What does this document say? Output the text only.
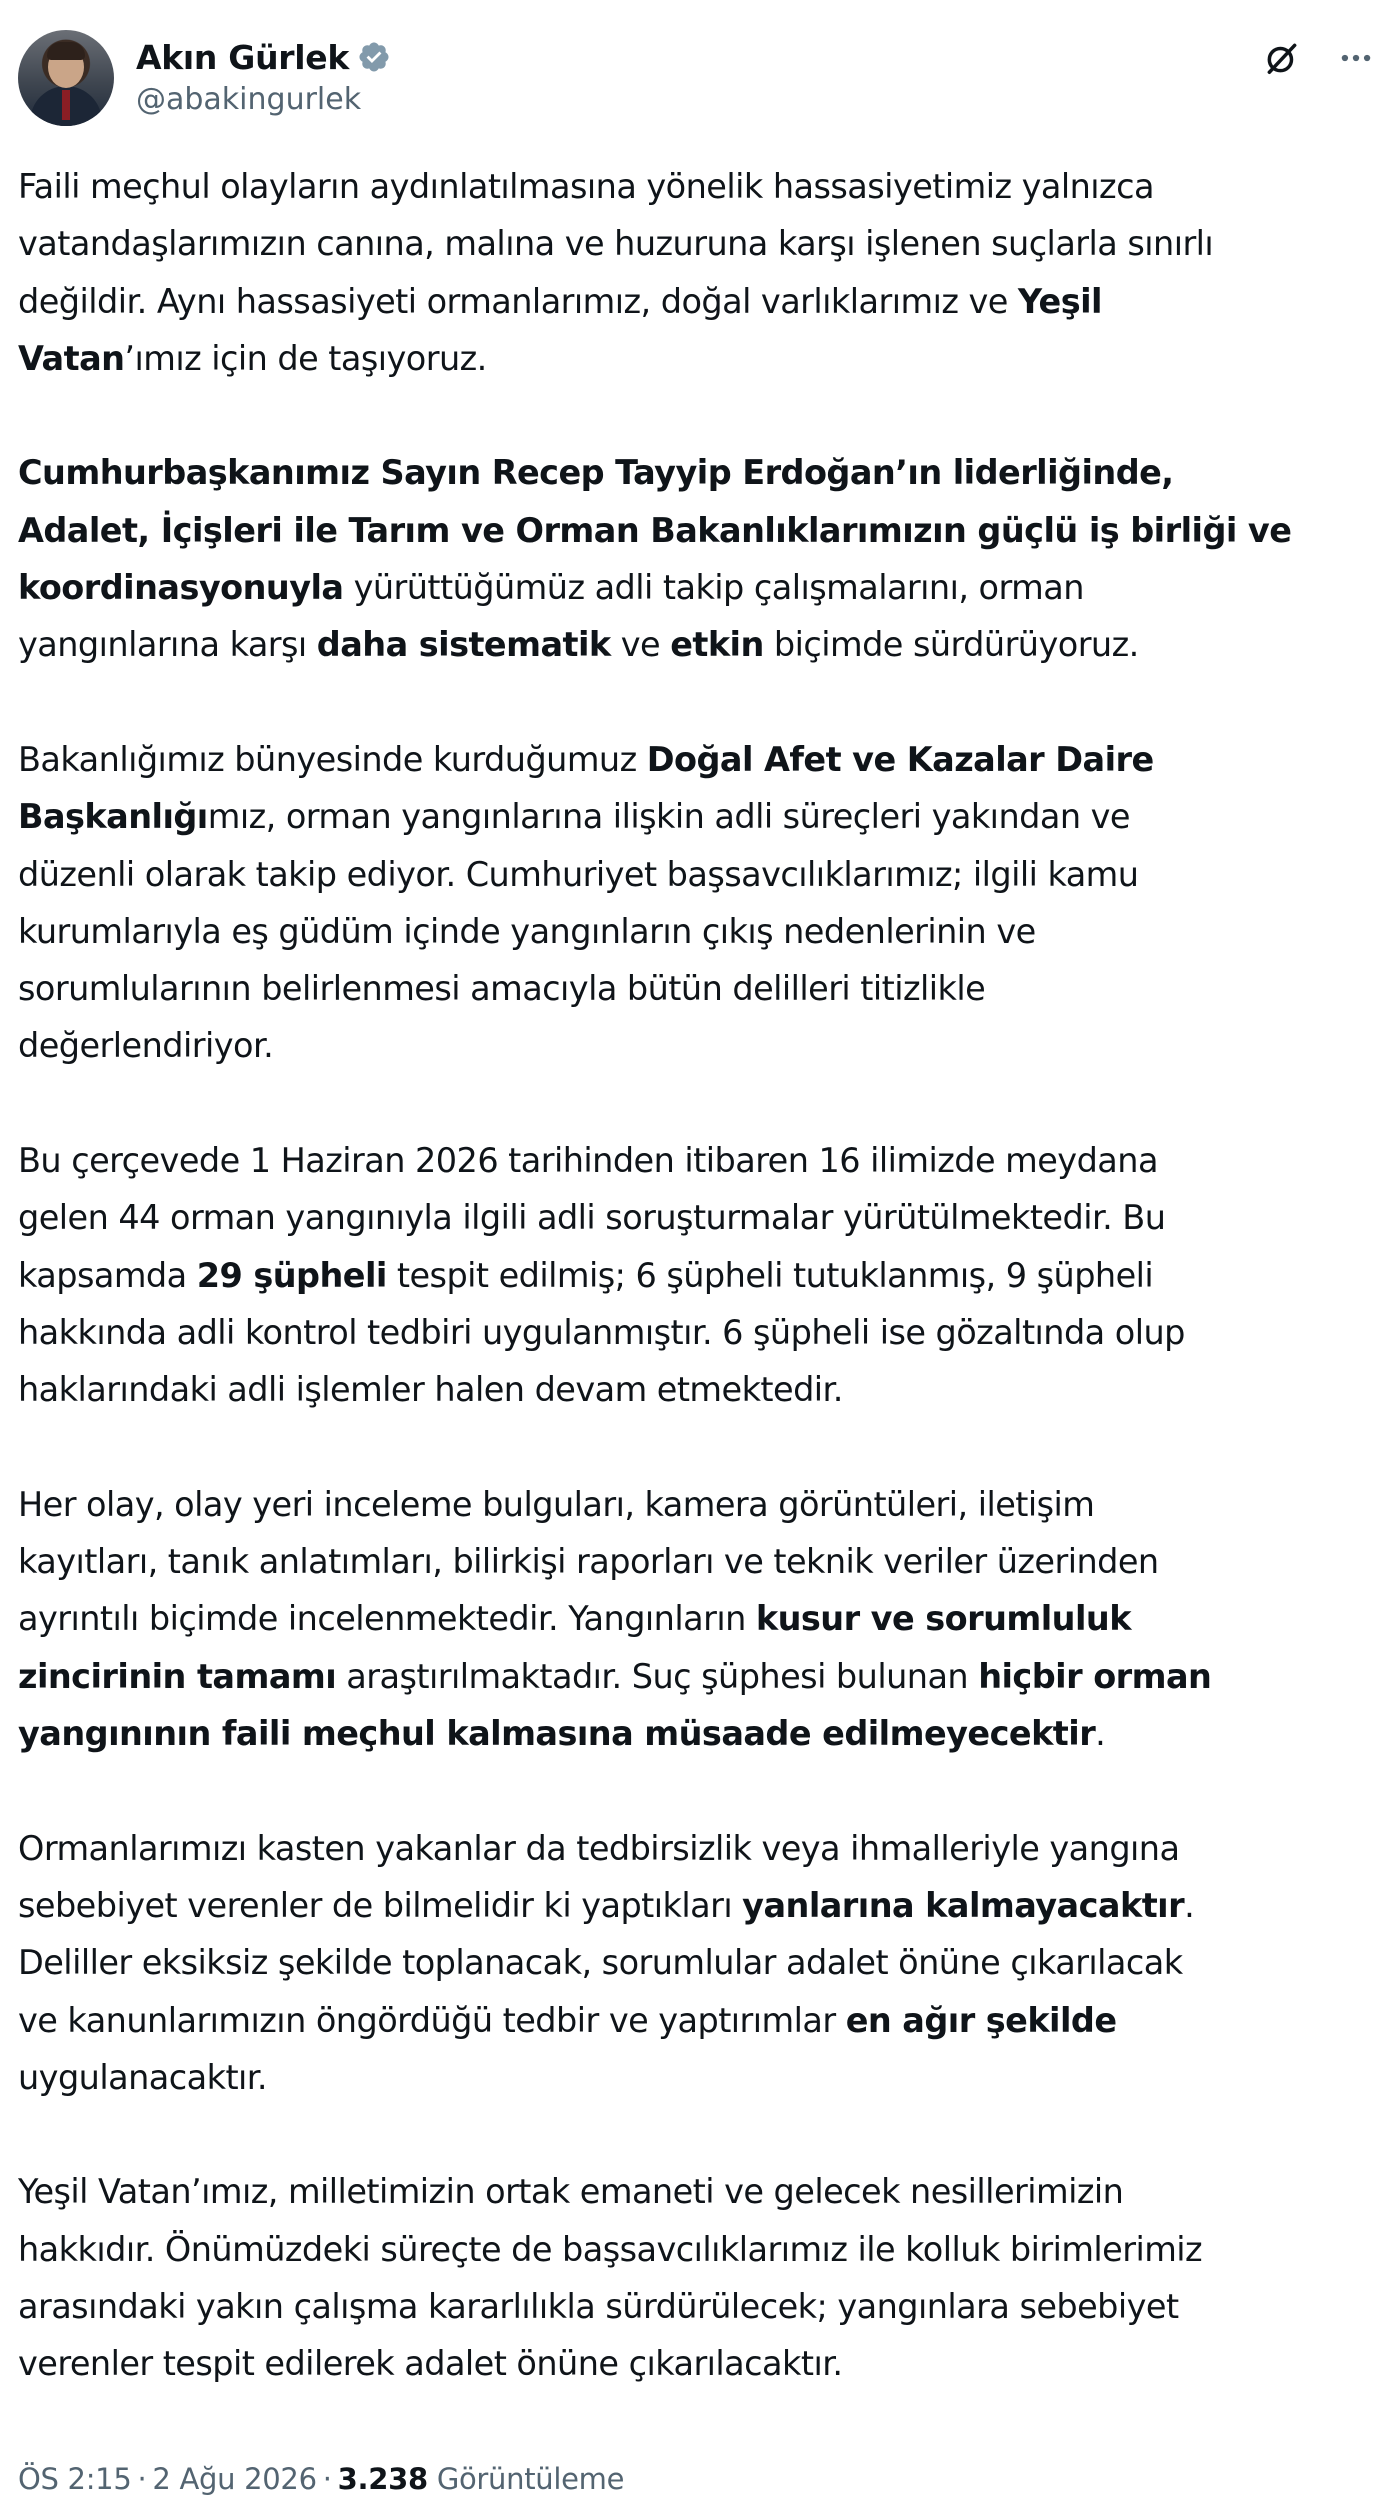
Akın Gürlek
@abakingurlek
Faili meçhul olayların aydınlatılmasına yönelik hassasiyetimiz yalnızca
vatandaşlarımızın canına, malına ve huzuruna karşı işlenen suçlarla sınırlı
değildir. Aynı hassasiyeti ormanlarımız, doğal varlıklarımız ve Yeşil
Vatan’ımız için de taşıyoruz.
Cumhurbaşkanımız Sayın Recep Tayyip Erdoğan’ın liderliğinde,
Adalet, İçişleri ile Tarım ve Orman Bakanlıklarımızın güçlü iş birliği ve
koordinasyonuyla yürüttüğümüz adli takip çalışmalarını, orman
yangınlarına karşı daha sistematik ve etkin biçimde sürdürüyoruz.
Bakanlığımız bünyesinde kurduğumuz Doğal Afet ve Kazalar Daire
Başkanlığımız, orman yangınlarına ilişkin adli süreçleri yakından ve
düzenli olarak takip ediyor. Cumhuriyet başsavcılıklarımız; ilgili kamu
kurumlarıyla eş güdüm içinde yangınların çıkış nedenlerinin ve
sorumlularının belirlenmesi amacıyla bütün delilleri titizlikle
değerlendiriyor.
Bu çerçevede 1 Haziran 2026 tarihinden itibaren 16 ilimizde meydana
gelen 44 orman yangınıyla ilgili adli soruşturmalar yürütülmektedir. Bu
kapsamda 29 şüpheli tespit edilmiş; 6 şüpheli tutuklanmış, 9 şüpheli
hakkında adli kontrol tedbiri uygulanmıştır. 6 şüpheli ise gözaltında olup
haklarındaki adli işlemler halen devam etmektedir.
Her olay, olay yeri inceleme bulguları, kamera görüntüleri, iletişim
kayıtları, tanık anlatımları, bilirkişi raporları ve teknik veriler üzerinden
ayrıntılı biçimde incelenmektedir. Yangınların kusur ve sorumluluk
zincirinin tamamı araştırılmaktadır. Suç şüphesi bulunan hiçbir orman
yangınının faili meçhul kalmasına müsaade edilmeyecektir.
Ormanlarımızı kasten yakanlar da tedbirsizlik veya ihmalleriyle yangına
sebebiyet verenler de bilmelidir ki yaptıkları yanlarına kalmayacaktır.
Deliller eksiksiz şekilde toplanacak, sorumlular adalet önüne çıkarılacak
ve kanunlarımızın öngördüğü tedbir ve yaptırımlar en ağır şekilde
uygulanacaktır.
Yeşil Vatan’ımız, milletimizin ortak emaneti ve gelecek nesillerimizin
hakkıdır. Önümüzdeki süreçte de başsavcılıklarımız ile kolluk birimlerimiz
arasındaki yakın çalışma kararlılıkla sürdürülecek; yangınlara sebebiyet
verenler tespit edilerek adalet önüne çıkarılacaktır.
ÖS 2:15 · 2 Ağu 2026 · 3.238 Görüntüleme
